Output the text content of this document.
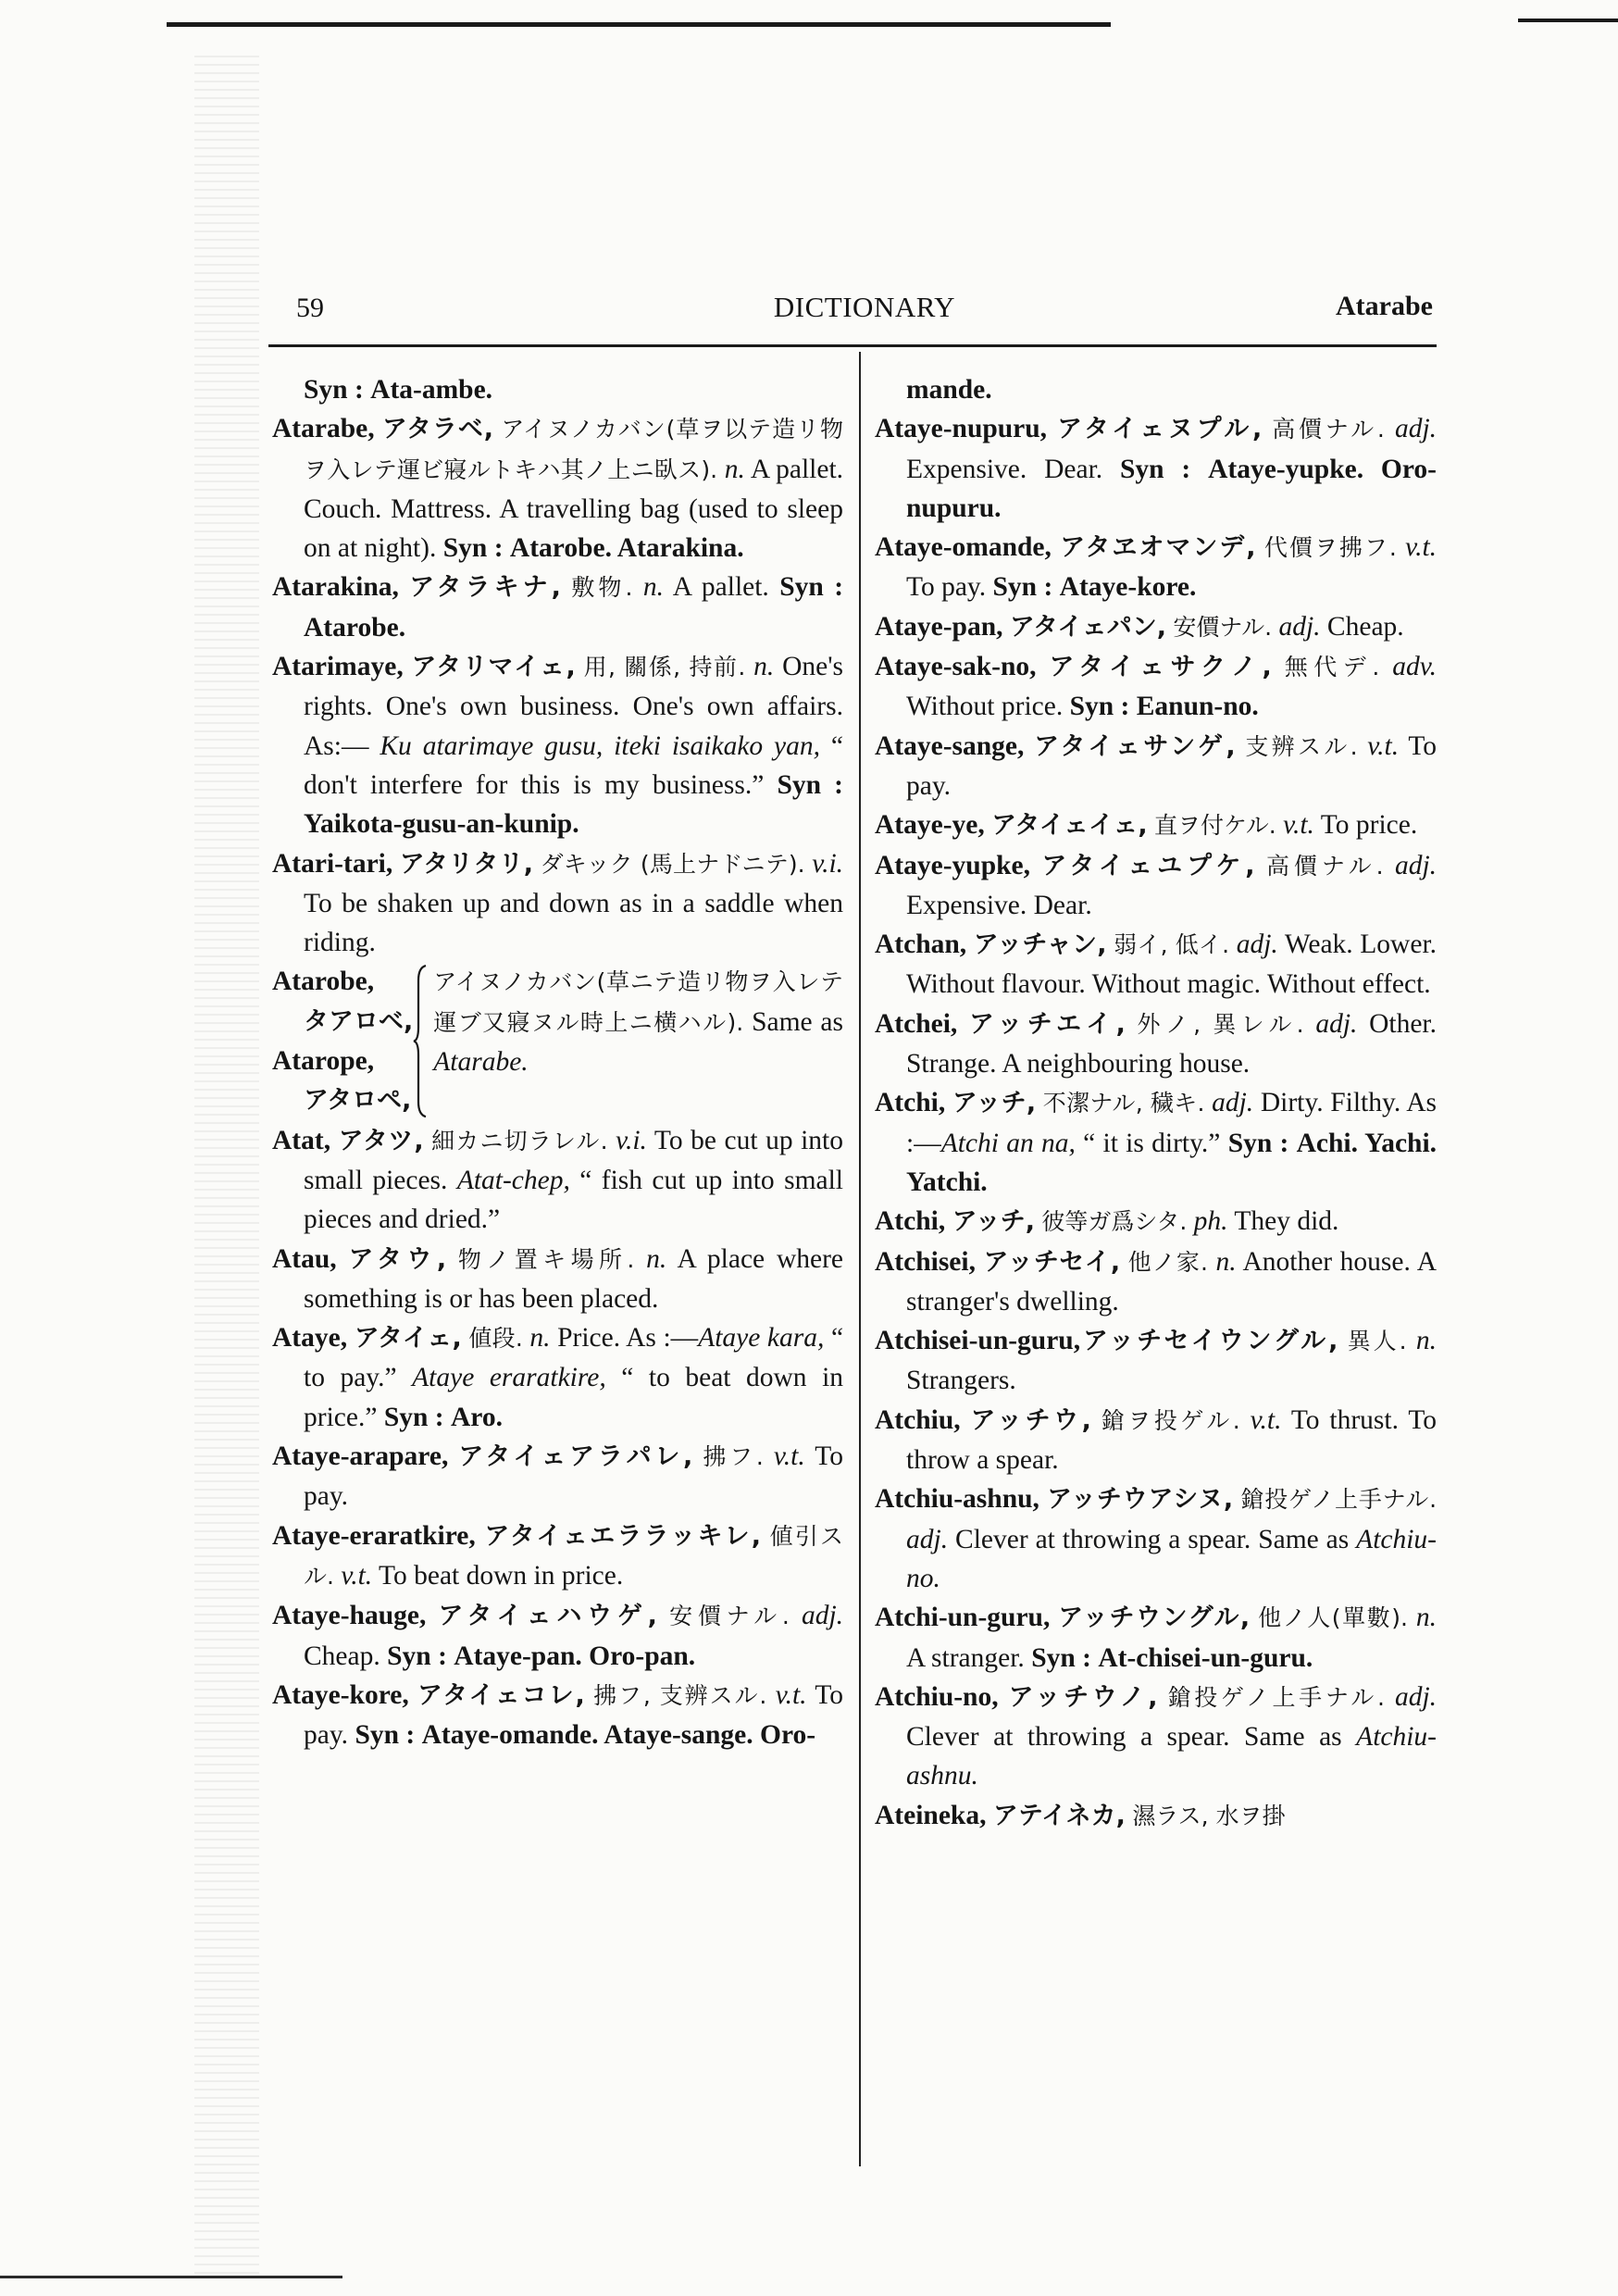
59	DICTIONARY	Atarabe
Syn : Ata-ambe.
Atarabe, アタラベ, アイヌノカバン(草ヲ以テ造リ物ヲ入レテ運ビ寢ルトキハ其ノ上ニ臥ス). n. A pallet. Couch. Mattress. A travelling bag (used to sleep on at night). Syn : Atarobe. Atarakina.
Atarakina, アタラキナ, 敷物. n. A pallet. Syn : Atarobe.
Atarimaye, アタリマイェ, 用, 關係, 持前. n. One's rights. One's own business. One's own affairs. As:— Ku atarimaye gusu, iteki isaikako yan, “ don't interfere for this is my business.” Syn : Yaikota-gusu-an-kunip.
Atari-tari, アタリタリ, ダキック (馬上ナドニテ). v.i. To be shaken up and down as in a saddle when riding.
Atarobe,
タアロベ,
Atarope,
アタロペ,
アイヌノカバン(草ニテ造リ物ヲ入レテ運ブ又寢ヌル時上ニ横ハル). Same as Atarabe.
Atat, アタツ, 細カニ切ラレル. v.i. To be cut up into small pieces. Atat-chep, “ fish cut up into small pieces and dried.”
Atau, アタウ, 物ノ置キ場所. n. A place where something is or has been placed.
Ataye, アタイェ, 値段. n. Price. As :—Ataye kara, “ to pay.” Ataye eraratkire, “ to beat down in price.” Syn : Aro.
Ataye-arapare, アタイェアラパレ, 拂フ. v.t. To pay.
Ataye-eraratkire, アタイェエララッキレ, 値引スル. v.t. To beat down in price.
Ataye-hauge, アタイェハウゲ, 安價ナル. adj. Cheap. Syn : Ataye-pan. Oro-pan.
Ataye-kore, アタイェコレ, 拂フ, 支辨スル. v.t. To pay. Syn : Ataye-omande. Ataye-sange. Oro-
mande.
Ataye-nupuru, アタイェヌプル, 高價ナル. adj. Expensive. Dear. Syn : Ataye-yupke. Oro-nupuru.
Ataye-omande, アタヱオマンデ, 代價ヲ拂フ. v.t. To pay. Syn : Ataye-kore.
Ataye-pan, アタイェパン, 安價ナル. adj. Cheap.
Ataye-sak-no, アタイェサクノ, 無代デ. adv. Without price. Syn : Eanun-no.
Ataye-sange, アタイェサンゲ, 支辨スル. v.t. To pay.
Ataye-ye, アタイェイェ, 直ヲ付ケル. v.t. To price.
Ataye-yupke, アタイェユプケ, 高價ナル. adj. Expensive. Dear.
Atchan, アッチャン, 弱イ, 低イ. adj. Weak. Lower. Without flavour. Without magic. Without effect.
Atchei, アッチエイ, 外ノ, 異レル. adj. Other. Strange. A neighbouring house.
Atchi, アッチ, 不潔ナル, 穢キ. adj. Dirty. Filthy. As :—Atchi an na, “ it is dirty.” Syn : Achi. Yachi. Yatchi.
Atchi, アッチ, 彼等ガ爲シタ. ph. They did.
Atchisei, アッチセイ, 他ノ家. n. Another house. A stranger's dwelling.
Atchisei-un-guru,アッチセイウングル, 異人. n. Strangers.
Atchiu, アッチウ, 鎗ヲ投ゲル. v.t. To thrust. To throw a spear.
Atchiu-ashnu, アッチウアシヌ, 鎗投ゲノ上手ナル. adj. Clever at throwing a spear. Same as Atchiu-no.
Atchi-un-guru, アッチウングル, 他ノ人(單數). n. A stranger. Syn : At-chisei-un-guru.
Atchiu-no, アッチウノ, 鎗投ゲノ上手ナル. adj. Clever at throwing a spear. Same as Atchiu-ashnu.
Ateineka, アテイネカ, 濕ラス, 水ヲ掛
